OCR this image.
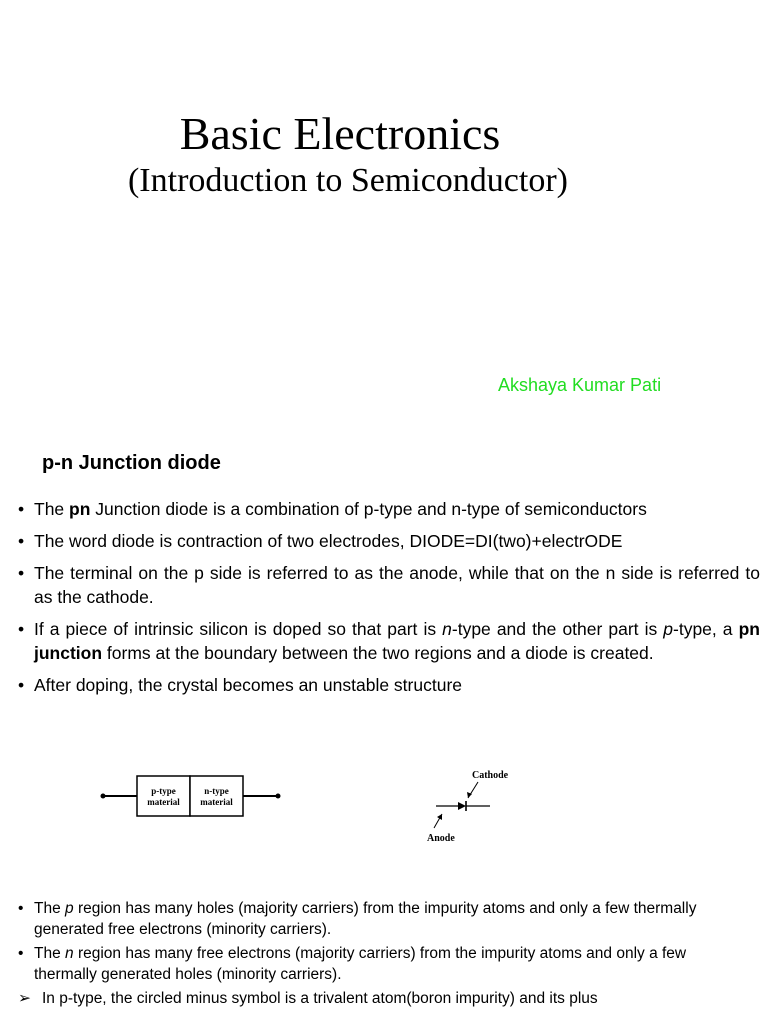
Basic Electronics
(Introduction to Semiconductor)
Akshaya Kumar Pati
p-n Junction diode
• The pn Junction diode is a combination of p-type and n-type of semiconductors
• The word diode is contraction of two electrodes, DIODE=DI(two)+electrODE
• The terminal on the p side is referred to as the anode, while that on the n side is referred to as the cathode.
• If a piece of intrinsic silicon is doped so that part is n-type and the other part is p-type, a pn junction forms at the boundary between the two regions and a diode is created.
• After doping, the crystal becomes an unstable structure
p-type
material
n-type
material
Cathode
Anode
• The p region has many holes (majority carriers) from the impurity atoms and only a few thermally generated free electrons (minority carriers).
• The n region has many free electrons (majority carriers) from the impurity atoms and only a few thermally generated holes (minority carriers).
➢ In p-type, the circled minus symbol is a trivalent atom(boron impurity) and its plus
